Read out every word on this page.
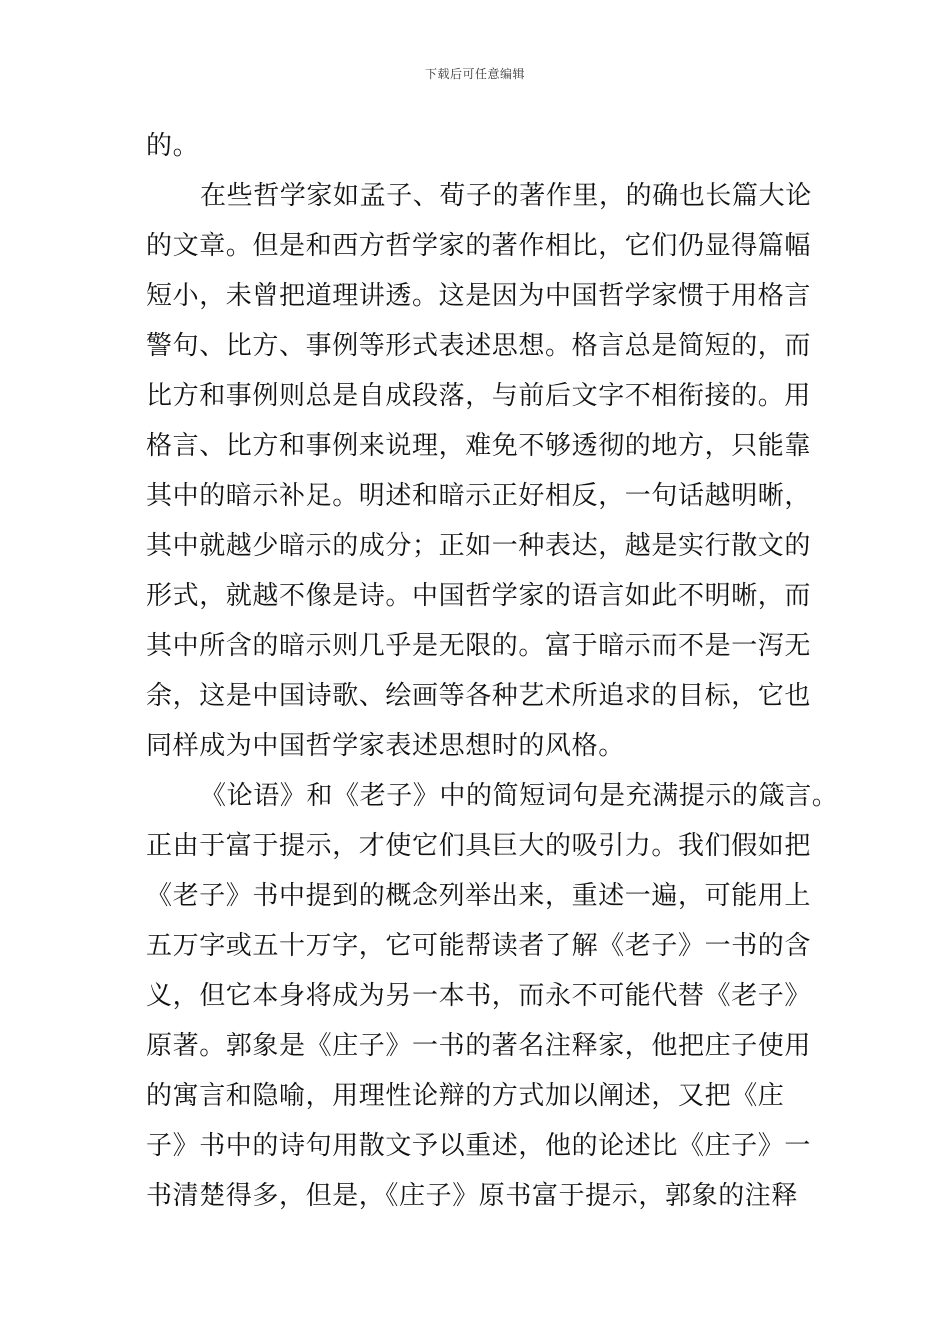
下载后可任意编辑
的。
在些哲学家如孟子、荀子的著作里，的确也长篇大论
的文章。但是和西方哲学家的著作相比，它们仍显得篇幅
短小，未曾把道理讲透。这是因为中国哲学家惯于用格言
警句、比方、事例等形式表述思想。格言总是简短的，而
比方和事例则总是自成段落，与前后文字不相衔接的。用
格言、比方和事例来说理，难免不够透彻的地方，只能靠
其中的暗示补足。明述和暗示正好相反，一句话越明晰，
其中就越少暗示的成分；正如一种表达，越是实行散文的
形式，就越不像是诗。中国哲学家的语言如此不明晰，而
其中所含的暗示则几乎是无限的。富于暗示而不是一泻无
余，这是中国诗歌、绘画等各种艺术所追求的目标，它也
同样成为中国哲学家表述思想时的风格。
《论语》和《老子》中的简短词句是充满提示的箴言。
正由于富于提示，才使它们具巨大的吸引力。我们假如把
《老子》书中提到的概念列举出来，重述一遍，可能用上
五万字或五十万字，它可能帮读者了解《老子》一书的含
义，但它本身将成为另一本书，而永不可能代替《老子》
原著。郭象是《庄子》一书的著名注释家，他把庄子使用
的寓言和隐喻，用理性论辩的方式加以阐述，又把《庄
子》书中的诗句用散文予以重述，他的论述比《庄子》一
书清楚得多，但是，《庄子》原书富于提示，郭象的注释
